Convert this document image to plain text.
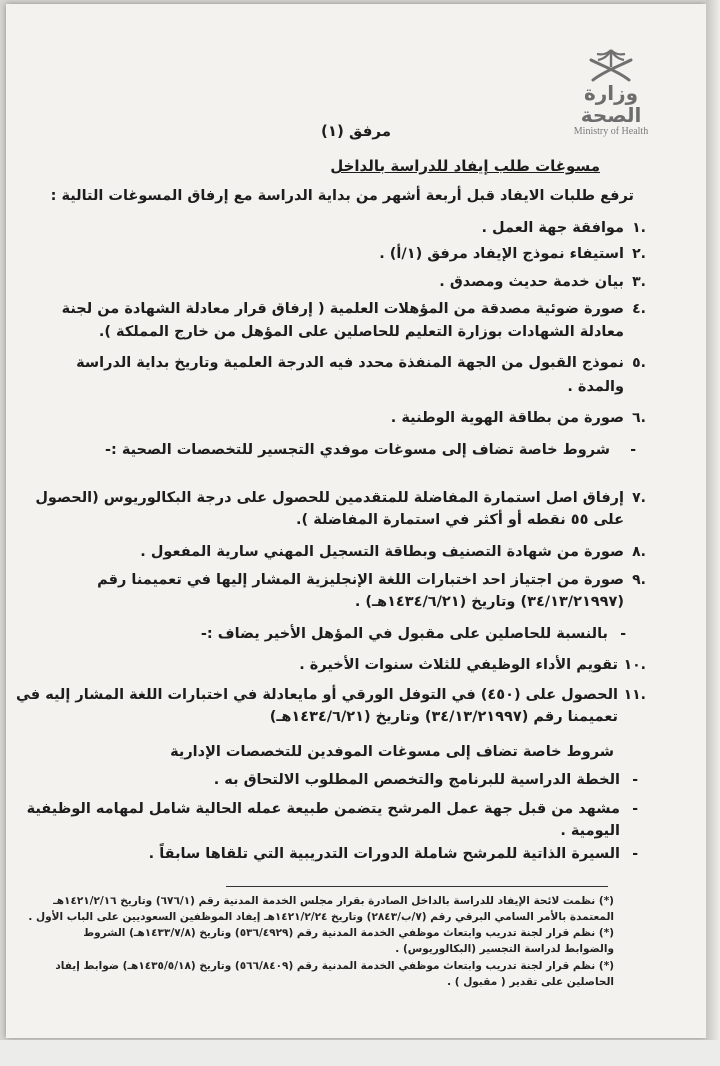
وزارة الصحة
Ministry of Health
مرفق (١)
مسوغات طلب إيفاد للدراسة بالداخل
ترفع طلبات الايفاد قبل أربعة أشهر من بداية الدراسة مع إرفاق المسوغات التالية :
١.
موافقة جهة العمل .
٢.
استيفاء نموذج الإيفاد مرفق (١/أ) .
٣.
بيان خدمة حديث ومصدق .
٤.
صورة ضوئية مصدقة من المؤهلات العلمية ( إرفاق قرار معادلة الشهادة من لجنة
معادلة الشهادات بوزارة التعليم للحاصلين على المؤهل من خارج المملكة ).
٥.
نموذج القبول من الجهة المنفذة محدد فيه الدرجة العلمية وتاريخ بداية الدراسة
والمدة .
٦.
صورة من بطاقة الهوية الوطنية .
-
شروط خاصة تضاف إلى مسوغات موفدي التجسير للتخصصات الصحية :-
٧.
إرفاق اصل استمارة المفاضلة للمتقدمين للحصول على درجة البكالوريوس (الحصول
على ٥٥ نقطه أو أكثر في استمارة المفاضلة ).
٨.
صورة من شهادة التصنيف وبطاقة التسجيل المهني سارية المفعول .
٩.
صورة من اجتياز احد اختبارات اللغة الإنجليزية المشار إليها في تعميمنا رقم
(٣٤/١٣/٢١٩٩٧) وتاريخ (١٤٣٤/٦/٢١هـ) .
-
بالنسبة للحاصلين على مقبول في المؤهل الأخير يضاف :-
١٠.
تقويم الأداء الوظيفي للثلاث سنوات الأخيرة .
١١.
الحصول على (٤٥٠) في التوفل الورقي أو مايعادلة في اختبارات اللغة المشار إليه في
تعميمنا رقم (٣٤/١٣/٢١٩٩٧) وتاريخ (١٤٣٤/٦/٢١هـ)
شروط خاصة تضاف إلى مسوغات الموفدين للتخصصات الإدارية
-
الخطة الدراسية للبرنامج والتخصص المطلوب الالتحاق به .
-
مشهد من قبل جهة عمل المرشح يتضمن طبيعة عمله الحالية شامل لمهامه الوظيفية
اليومية .
-
السيرة الذاتية للمرشح شاملة الدورات التدريبية التي تلقاها سابقاً .
(*) نظمت لائحة الإيفاد للدراسة بالداخل الصادرة بقرار مجلس الخدمة المدنية رقم (٦٧٦/١) وتاريخ ١٤٢١/٢/١٦هـ
المعتمدة بالأمر السامي البرقي رقم (٧/ب/٢٨٤٣) وتاريخ ١٤٢١/٢/٢٤هـ إيفاد الموظفين السعوديين على الباب الأول .
(*) نظم قرار لجنة تدريب وابتعاث موظفي الخدمة المدنية رقم (٥٣٦/٤٩٢٩) وتاريخ (١٤٣٣/٧/٨هـ) الشروط
والضوابط لدراسة التجسير (البكالوريوس) .
(*) نظم قرار لجنة تدريب وابتعاث موظفي الخدمة المدنية رقم (٥٦٦/٨٤٠٩) وتاريخ (١٤٣٥/٥/١٨هـ) ضوابط إيفاد
الحاصلين على تقدير ( مقبول ) .
